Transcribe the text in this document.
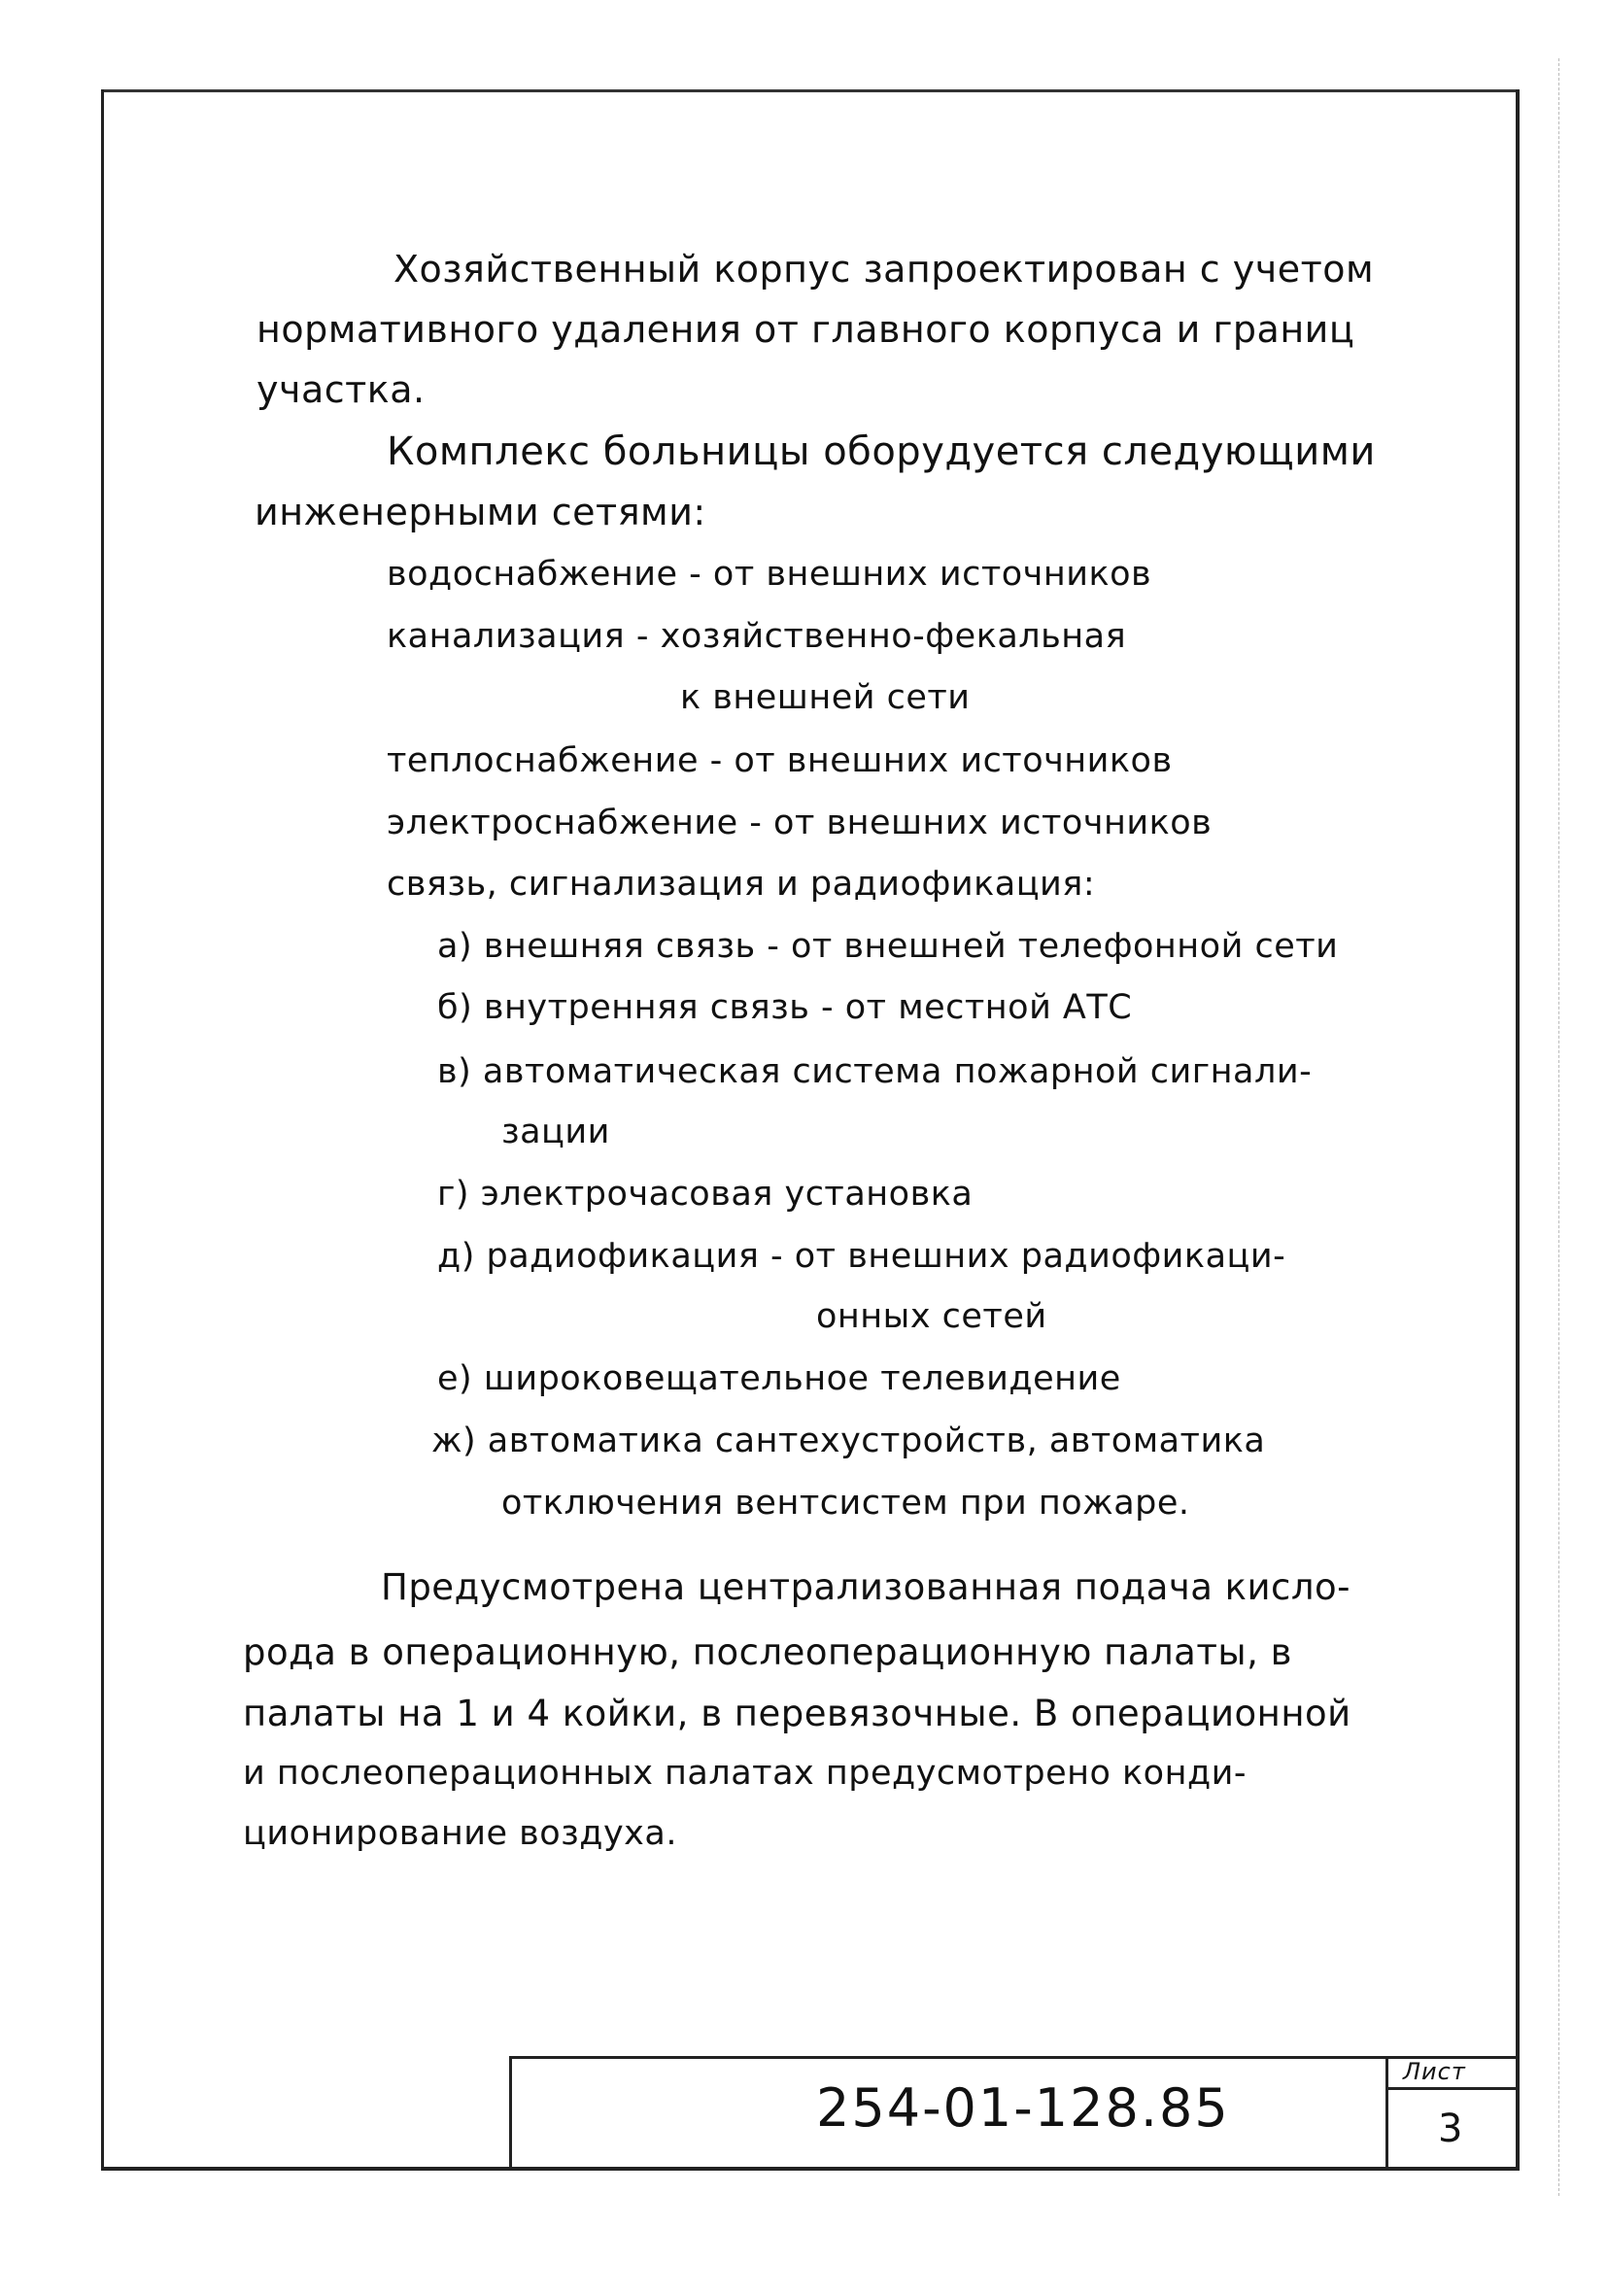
Хозяйственный корпус запроектирован с учетом
нормативного удаления от главного корпуса и границ
участка.
Комплекс больницы оборудуется следующими
инженерными сетями:
водоснабжение - от внешних источников
канализация - хозяйственно-фекальная
к внешней сети
теплоснабжение - от внешних источников
электроснабжение - от внешних источников
связь, сигнализация и радиофикация:
а) внешняя связь - от внешней телефонной сети
б) внутренняя связь - от местной АТС
в) автоматическая система пожарной сигнали-
зации
г) электрочасовая установка
д) радиофикация - от внешних радиофикаци-
онных сетей
е) широковещательное телевидение
ж) автоматика сантехустройств, автоматика
отключения вентсистем при пожаре.
Предусмотрена централизованная подача кисло-
рода в операционную, послеоперационную палаты, в
палаты на 1 и 4 койки, в перевязочные. В операционной
и послеоперационных палатах предусмотрено конди-
ционирование воздуха.
254-01-128.85
Лист
3
